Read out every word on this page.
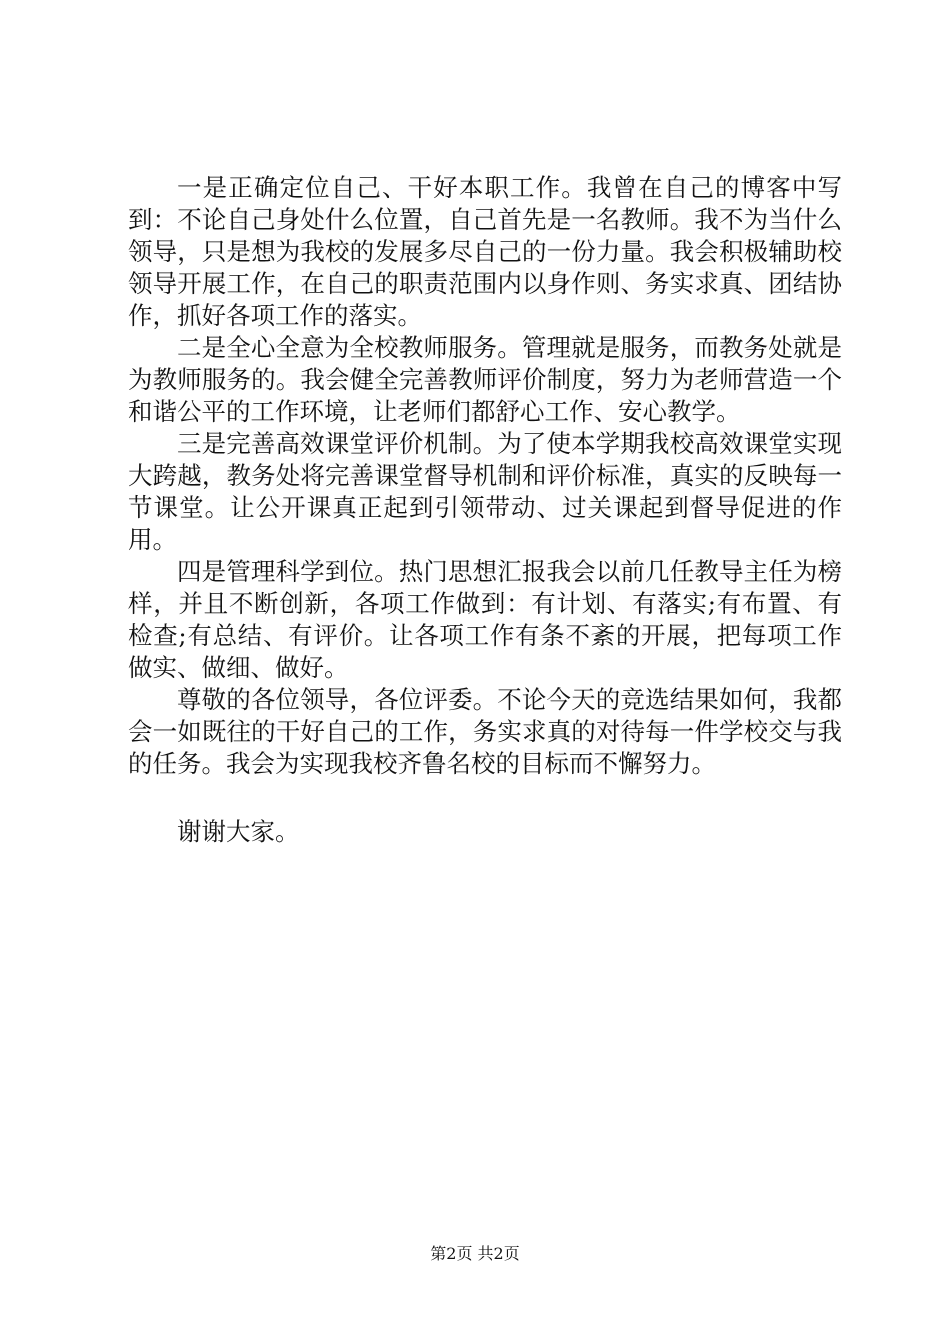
一是正确定位自己、干好本职工作。我曾在自己的博客中写到：不论自己身处什么位置，自己首先是一名教师。我不为当什么领导，只是想为我校的发展多尽自己的一份力量。我会积极辅助校领导开展工作，在自己的职责范围内以身作则、务实求真、团结协作，抓好各项工作的落实。

二是全心全意为全校教师服务。管理就是服务，而教务处就是为教师服务的。我会健全完善教师评价制度，努力为老师营造一个和谐公平的工作环境，让老师们都舒心工作、安心教学。

三是完善高效课堂评价机制。为了使本学期我校高效课堂实现大跨越，教务处将完善课堂督导机制和评价标准，真实的反映每一节课堂。让公开课真正起到引领带动、过关课起到督导促进的作用。

四是管理科学到位。热门思想汇报我会以前几任教导主任为榜样，并且不断创新，各项工作做到：有计划、有落实;有布置、有检查;有总结、有评价。让各项工作有条不紊的开展，把每项工作做实、做细、做好。

尊敬的各位领导，各位评委。不论今天的竞选结果如何，我都会一如既往的干好自己的工作，务实求真的对待每一件学校交与我的任务。我会为实现我校齐鲁名校的目标而不懈努力。

谢谢大家。

第2页 共2页
